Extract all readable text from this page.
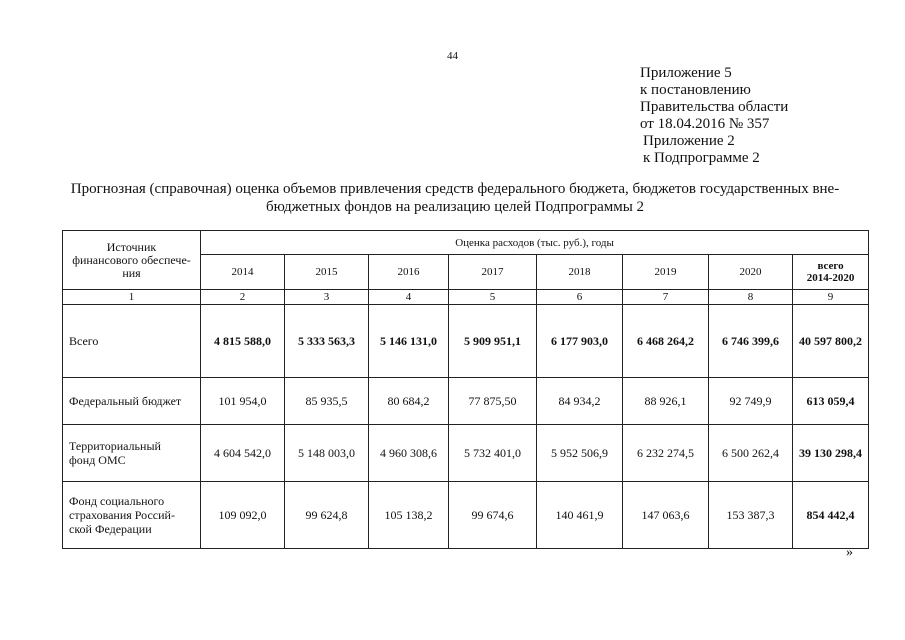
44
Приложение 5
к постановлению
Правительства области
от 18.04.2016 № 357
Приложение 2
к Подпрограмме 2
Прогнозная (справочная) оценка объемов привлечения средств федерального бюджета, бюджетов государственных вне-
бюджетных фондов на реализацию целей Подпрограммы 2
Источник
финансового обеспече-
ния	Оценка расходов (тыс. руб.), годы							
	2014	2015	2016	2017	2018	2019	2020	всего
2014-2020

1	2	3	4	5	6	7	8	9
Всего	4 815 588,0	5 333 563,3	5 146 131,0	5 909 951,1	6 177 903,0	6 468 264,2	6 746 399,6	40 597 800,2
Федеральный бюджет	101 954,0	85 935,5	80 684,2	77 875,50	84 934,2	88 926,1	92 749,9	613 059,4

Территориальный
фонд ОМС	4 604 542,0	5 148 003,0	4 960 308,6	5 732 401,0	5 952 506,9	6 232 274,5	6 500 262,4	39 130 298,4

Фонд социального
страхования Россий-
ской Федерации	109 092,0	99 624,8	105 138,2	99 674,6	140 461,9	147 063,6	153 387,3	854 442,4
»
